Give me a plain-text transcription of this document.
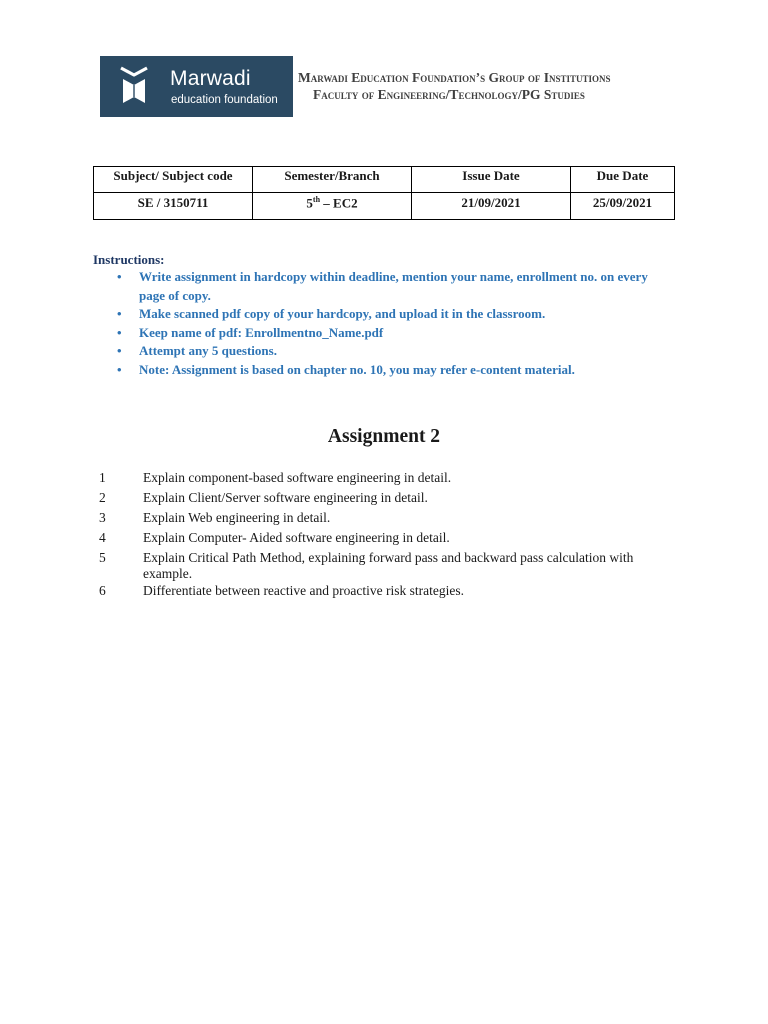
Marwadi
education foundation
Marwadi Education Foundation’s Group of Institutions
Faculty of Engineering/Technology/PG Studies
Subject/ Subject code	Semester/Branch	Issue Date	Due Date
SE / 3150711	5th – EC2	21/09/2021	25/09/2021
Instructions:
• Write assignment in hardcopy within deadline, mention your name, enrollment no. on every page of copy.
• Make scanned pdf copy of your hardcopy, and upload it in the classroom.
• Keep name of pdf: Enrollmentno_Name.pdf
• Attempt any 5 questions.
• Note: Assignment is based on chapter no. 10, you may refer e-content material.
Assignment 2
1	Explain component-based software engineering in detail.
2	Explain Client/Server software engineering in detail.
3	Explain Web engineering in detail.
4	Explain Computer- Aided software engineering in detail.
5	Explain Critical Path Method, explaining forward pass and backward pass calculation with example.
6	Differentiate between reactive and proactive risk strategies.
